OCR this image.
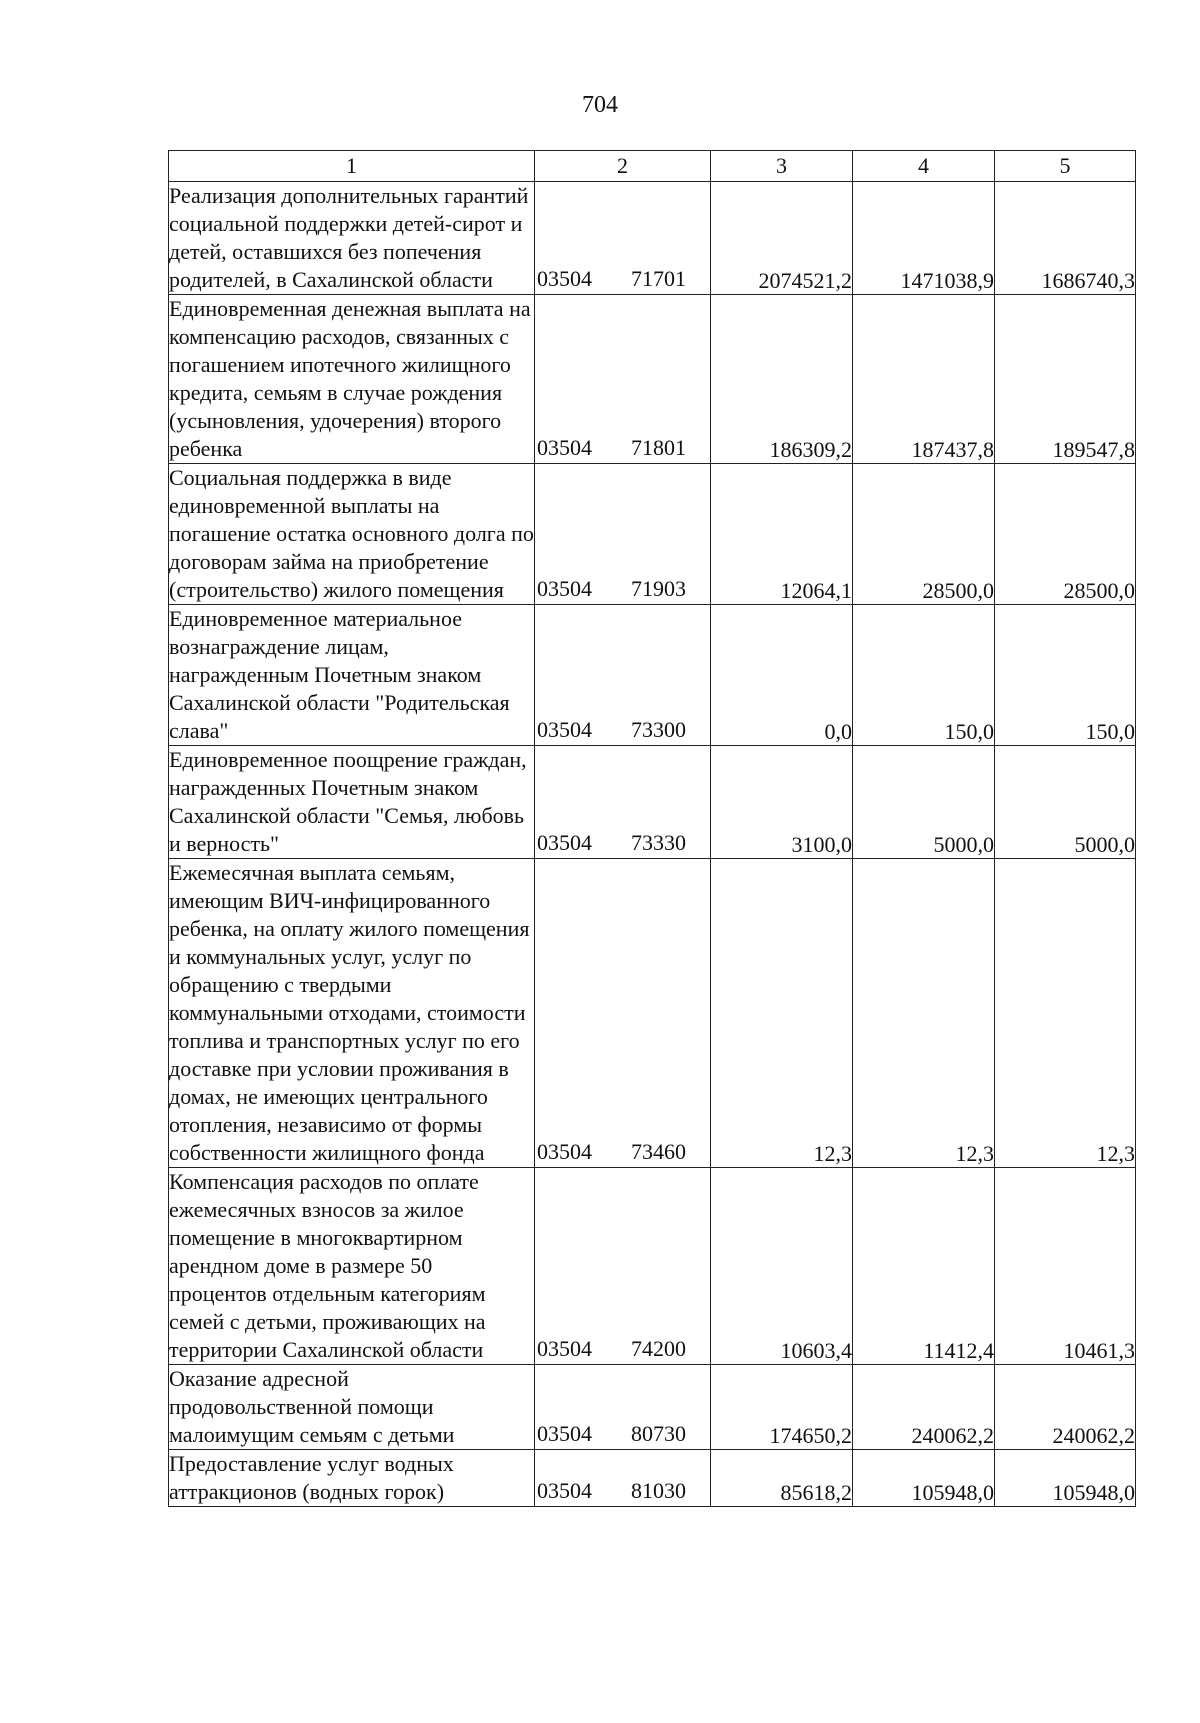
704
1	2	3	4	5
Реализация дополнительных гарантий социальной поддержки детей-сирот и детей, оставшихся без попечения родителей, в Сахалинской области	03504 71701	2074521,2	1471038,9	1686740,3
Единовременная денежная выплата на компенсацию расходов, связанных с погашением ипотечного жилищного кредита, семьям в случае рождения (усыновления, удочерения) второго ребенка	03504 71801	186309,2	187437,8	189547,8
Социальная поддержка в виде единовременной выплаты на погашение остатка основного долга по договорам займа на приобретение (строительство) жилого помещения	03504 71903	12064,1	28500,0	28500,0
Единовременное материальное вознаграждение лицам, награжденным Почетным знаком Сахалинской области "Родительская слава"	03504 73300	0,0	150,0	150,0
Единовременное поощрение граждан, награжденных Почетным знаком Сахалинской области "Семья, любовь и верность"	03504 73330	3100,0	5000,0	5000,0
Ежемесячная выплата семьям, имеющим ВИЧ-инфицированного ребенка, на оплату жилого помещения и коммунальных услуг, услуг по обращению с твердыми коммунальными отходами, стоимости топлива и транспортных услуг по его доставке при условии проживания в домах, не имеющих центрального отопления, независимо от формы собственности жилищного фонда	03504 73460	12,3	12,3	12,3
Компенсация расходов по оплате ежемесячных взносов за жилое помещение в многоквартирном арендном доме в размере 50 процентов отдельным категориям семей с детьми, проживающих на территории Сахалинской области	03504 74200	10603,4	11412,4	10461,3
Оказание адресной продовольственной помощи малоимущим семьям с детьми	03504 80730	174650,2	240062,2	240062,2
Предоставление услуг водных аттракционов (водных горок)	03504 81030	85618,2	105948,0	105948,0
